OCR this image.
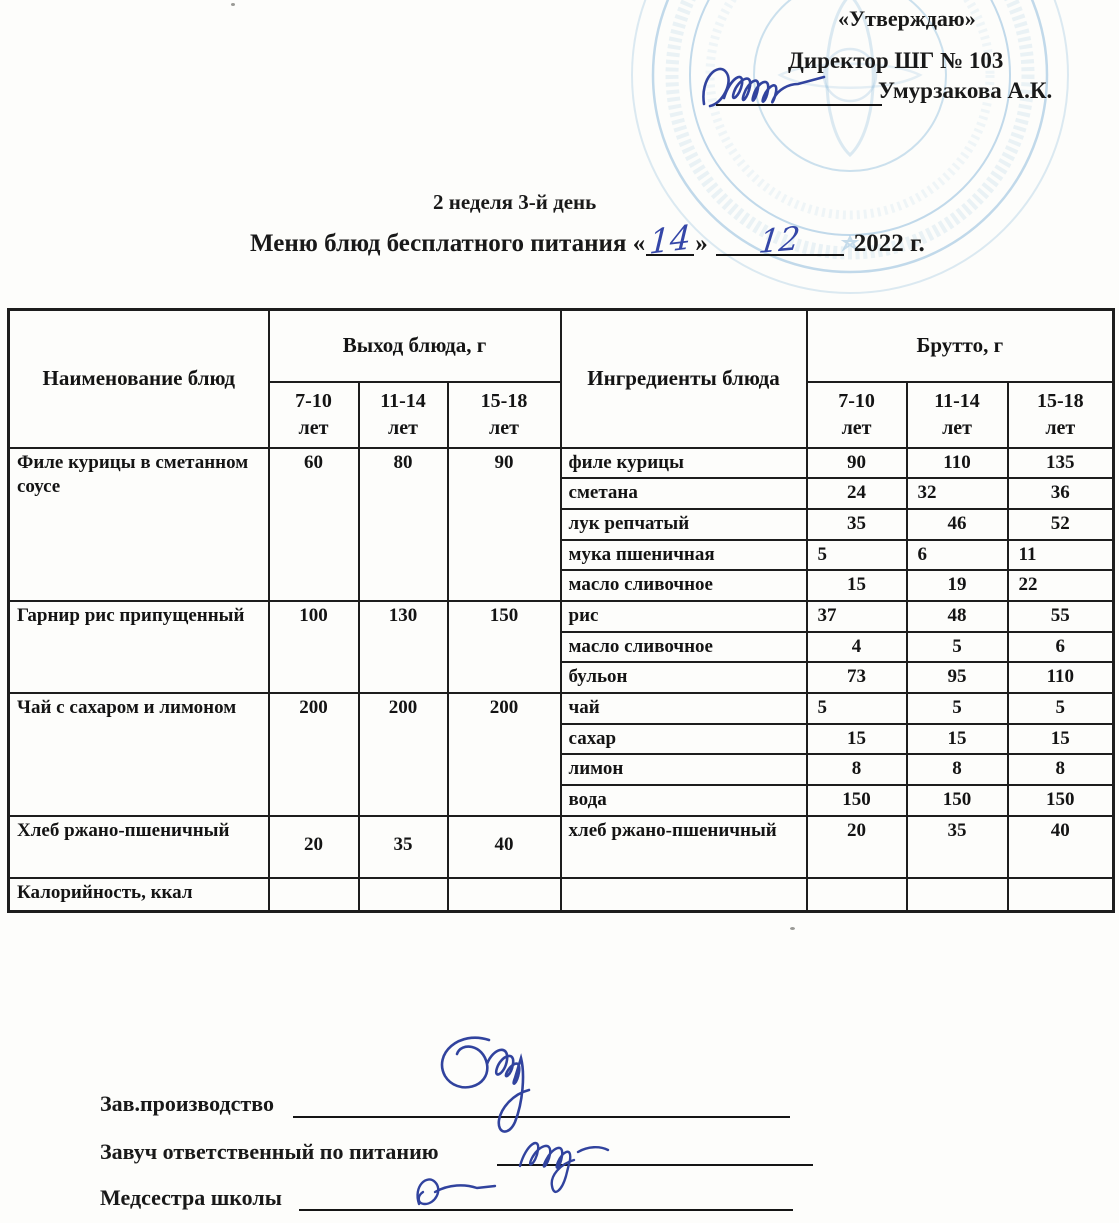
«Утверждаю»
Директор ШГ № 103
Умурзакова А.К.
2 неделя 3-й день
Меню блюд бесплатного питания «14 » 12 2022 г.
Наименование блюд	Выход блюда, г			Ингредиенты блюда	Брутто, г		
	7-10 лет	11-14 лет	15-18 лет		7-10 лет	11-14 лет	15-18 лет
Филе курицы в сметанном соусе	60	80	90	филе курицы	90	110	135
				сметана	24	32	36
				лук репчатый	35	46	52
				мука пшеничная	5	6	11
				масло сливочное	15	19	22
Гарнир рис припущенный	100	130	150	рис	37	48	55
				масло сливочное	4	5	6
				бульон	73	95	110
Чай с сахаром и лимоном	200	200	200	чай	5	5	5
				сахар	15	15	15
				лимон	8	8	8
				вода	150	150	150
Хлеб ржано-пшеничный	20	35	40	хлеб ржано-пшеничный	20	35	40
Калорийность, ккал							
Зав.производство
Завуч ответственный по питанию
Медсестра школы
